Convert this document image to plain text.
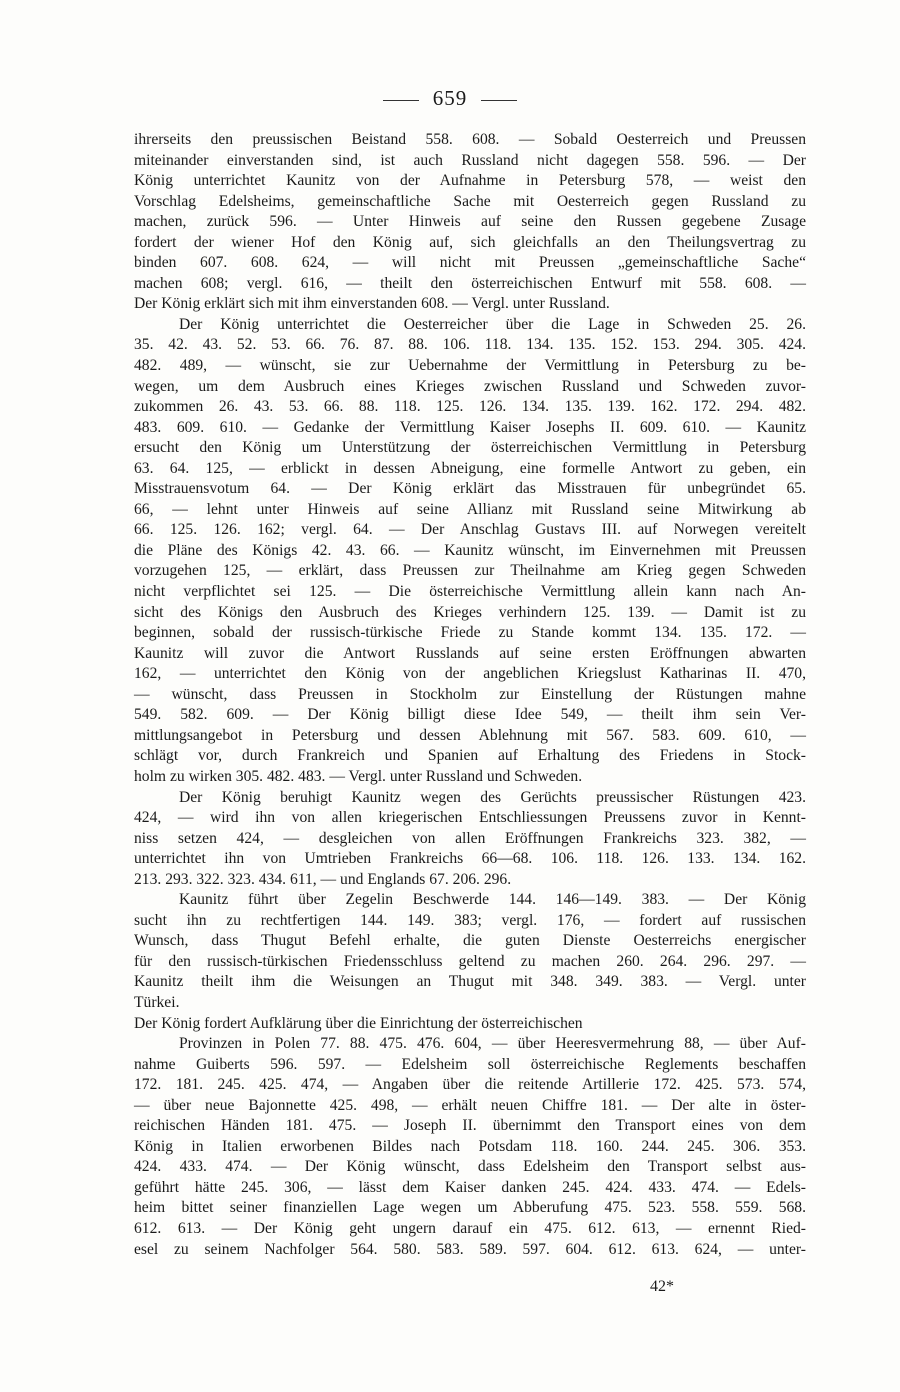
659
ihrerseits den preussischen Beistand 558. 608. — Sobald Oesterreich und Preussen
miteinander einverstanden sind, ist auch Russland nicht dagegen 558. 596. — Der
König unterrichtet Kaunitz von der Aufnahme in Petersburg 578, — weist den
Vorschlag Edelsheims, gemeinschaftliche Sache mit Oesterreich gegen Russland zu
machen, zurück 596. — Unter Hinweis auf seine den Russen gegebene Zusage
fordert der wiener Hof den König auf, sich gleichfalls an den Theilungsvertrag zu
binden 607. 608. 624, — will nicht mit Preussen „gemeinschaftliche Sache“
machen 608; vergl. 616, — theilt den österreichischen Entwurf mit 558. 608. —
Der König erklärt sich mit ihm einverstanden 608. — Vergl. unter Russland.
Der König unterrichtet die Oesterreicher über die Lage in Schweden 25. 26.
35. 42. 43. 52. 53. 66. 76. 87. 88. 106. 118. 134. 135. 152. 153. 294. 305. 424.
482. 489, — wünscht, sie zur Uebernahme der Vermittlung in Petersburg zu be-
wegen, um dem Ausbruch eines Krieges zwischen Russland und Schweden zuvor-
zukommen 26. 43. 53. 66. 88. 118. 125. 126. 134. 135. 139. 162. 172. 294. 482.
483. 609. 610. — Gedanke der Vermittlung Kaiser Josephs II. 609. 610. — Kaunitz
ersucht den König um Unterstützung der österreichischen Vermittlung in Petersburg
63. 64. 125, — erblickt in dessen Abneigung, eine formelle Antwort zu geben, ein
Misstrauensvotum 64. — Der König erklärt das Misstrauen für unbegründet 65.
66, — lehnt unter Hinweis auf seine Allianz mit Russland seine Mitwirkung ab
66. 125. 126. 162; vergl. 64. — Der Anschlag Gustavs III. auf Norwegen vereitelt
die Pläne des Königs 42. 43. 66. — Kaunitz wünscht, im Einvernehmen mit Preussen
vorzugehen 125, — erklärt, dass Preussen zur Theilnahme am Krieg gegen Schweden
nicht verpflichtet sei 125. — Die österreichische Vermittlung allein kann nach An-
sicht des Königs den Ausbruch des Krieges verhindern 125. 139. — Damit ist zu
beginnen, sobald der russisch-türkische Friede zu Stande kommt 134. 135. 172. —
Kaunitz will zuvor die Antwort Russlands auf seine ersten Eröffnungen abwarten
162, — unterrichtet den König von der angeblichen Kriegslust Katharinas II. 470,
— wünscht, dass Preussen in Stockholm zur Einstellung der Rüstungen mahne
549. 582. 609. — Der König billigt diese Idee 549, — theilt ihm sein Ver-
mittlungsangebot in Petersburg und dessen Ablehnung mit 567. 583. 609. 610, —
schlägt vor, durch Frankreich und Spanien auf Erhaltung des Friedens in Stock-
holm zu wirken 305. 482. 483. — Vergl. unter Russland und Schweden.
Der König beruhigt Kaunitz wegen des Gerüchts preussischer Rüstungen 423.
424, — wird ihn von allen kriegerischen Entschliessungen Preussens zuvor in Kennt-
niss setzen 424, — desgleichen von allen Eröffnungen Frankreichs 323. 382, —
unterrichtet ihn von Umtrieben Frankreichs 66—68. 106. 118. 126. 133. 134. 162.
213. 293. 322. 323. 434. 611, — und Englands 67. 206. 296.
Kaunitz führt über Zegelin Beschwerde 144. 146—149. 383. — Der König
sucht ihn zu rechtfertigen 144. 149. 383; vergl. 176, — fordert auf russischen
Wunsch, dass Thugut Befehl erhalte, die guten Dienste Oesterreichs energischer
für den russisch-türkischen Friedensschluss geltend zu machen 260. 264. 296. 297. —
Kaunitz theilt ihm die Weisungen an Thugut mit 348. 349. 383. — Vergl. unter
Türkei.
Der König fordert Aufklärung über die Einrichtung der österreichischen
Provinzen in Polen 77. 88. 475. 476. 604, — über Heeresvermehrung 88, — über Auf-
nahme Guiberts 596. 597. — Edelsheim soll österreichische Reglements beschaffen
172. 181. 245. 425. 474, — Angaben über die reitende Artillerie 172. 425. 573. 574,
— über neue Bajonnette 425. 498, — erhält neuen Chiffre 181. — Der alte in öster-
reichischen Händen 181. 475. — Joseph II. übernimmt den Transport eines von dem
König in Italien erworbenen Bildes nach Potsdam 118. 160. 244. 245. 306. 353.
424. 433. 474. — Der König wünscht, dass Edelsheim den Transport selbst aus-
geführt hätte 245. 306, — lässt dem Kaiser danken 245. 424. 433. 474. — Edels-
heim bittet seiner finanziellen Lage wegen um Abberufung 475. 523. 558. 559. 568.
612. 613. — Der König geht ungern darauf ein 475. 612. 613, — ernennt Ried-
esel zu seinem Nachfolger 564. 580. 583. 589. 597. 604. 612. 613. 624, — unter-
42*
